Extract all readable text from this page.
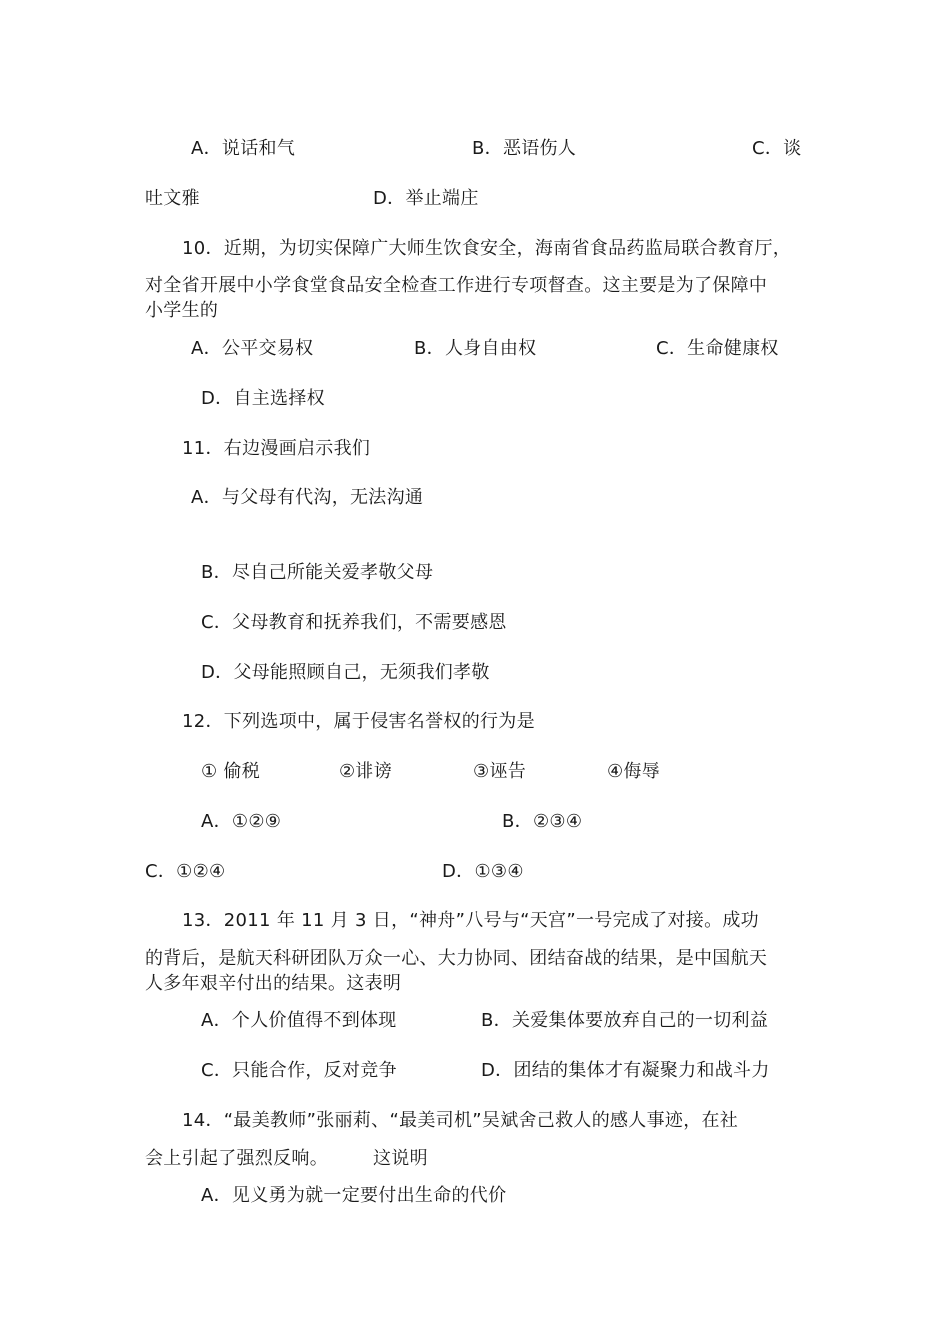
A．说话和气	B．恶语伤人	C．谈
吐文雅	D．举止端庄
10．近期，为切实保障广大师生饮食安全，海南省食品药监局联合教育厅，
对全省开展中小学食堂食品安全检查工作进行专项督查。这主要是为了保障中
小学生的
A．公平交易权	B．人身自由权	C．生命健康权
D．自主选择权
11．右边漫画启示我们
A．与父母有代沟，无法沟通
B．尽自己所能关爱孝敬父母
C．父母教育和抚养我们，不需要感恩
D．父母能照顾自己，无须我们孝敬
12．下列选项中，属于侵害名誉权的行为是
① 偷税	②诽谤	③诬告	④侮辱
A．①②⑨	B．②③④
C．①②④	D．①③④
13．2011 年 11 月 3 日，“神舟”八号与“天宫”一号完成了对接。成功
的背后，是航天科研团队万众一心、大力协同、团结奋战的结果，是中国航天
人多年艰辛付出的结果。这表明
A．个人价值得不到体现	B．关爱集体要放弃自己的一切利益
C．只能合作，反对竞争	D．团结的集体才有凝聚力和战斗力
14．“最美教师”张丽莉、“最美司机”吴斌舍己救人的感人事迹，在社
会上引起了强烈反响。	这说明
A．见义勇为就一定要付出生命的代价
